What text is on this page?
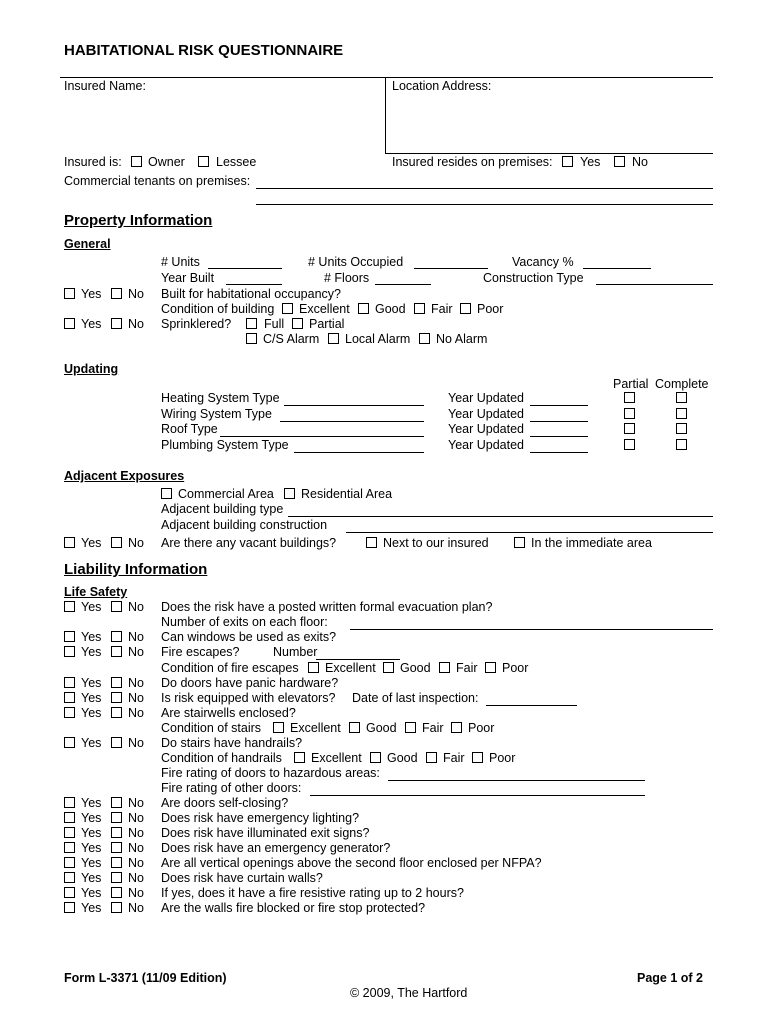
HABITATIONAL RISK QUESTIONNAIRE
Insured Name:	Location Address:
Insured is: Owner Lessee	Insured resides on premises: Yes	No
Commercial tenants on premises:
Property Information
General
# Units	# Units Occupied	Vacancy %
Year Built	# Floors	Construction Type
Yes No Built for habitational occupancy?
Condition of building Excellent Good Fair Poor
Yes No Sprinklered?	Full Partial
C/S Alarm Local Alarm No Alarm
Updating
Partial Complete
Heating System Type	Year Updated
Wiring System Type	Year Updated
Roof Type	Year Updated
Plumbing System Type	Year Updated
Adjacent Exposures
Commercial Area Residential Area
Adjacent building type
Adjacent building construction
Yes No Are there any vacant buildings?	Next to our insured	In the immediate area
Liability Information
Life Safety
Yes No Does the risk have a posted written formal evacuation plan?
Number of exits on each floor:
Yes No Can windows be used as exits?
Yes No Fire escapes?	Number
Condition of fire escapes Excellent Good Fair Poor
Yes No Do doors have panic hardware?
Yes No Is risk equipped with elevators? Date of last inspection:
Yes No Are stairwells enclosed?
Condition of stairs Excellent Good Fair Poor
Yes No Do stairs have handrails?
Condition of handrails Excellent Good Fair Poor
Fire rating of doors to hazardous areas:
Fire rating of other doors:
Yes No Are doors self-closing?
Yes No Does risk have emergency lighting?
Yes No Does risk have illuminated exit signs?
Yes No Does risk have an emergency generator?
Yes No Are all vertical openings above the second floor enclosed per NFPA?
Yes No Does risk have curtain walls?
Yes No If yes, does it have a fire resistive rating up to 2 hours?
Yes No Are the walls fire blocked or fire stop protected?
Form L-3371 (11/09 Edition)	Page 1 of 2
© 2009, The Hartford
